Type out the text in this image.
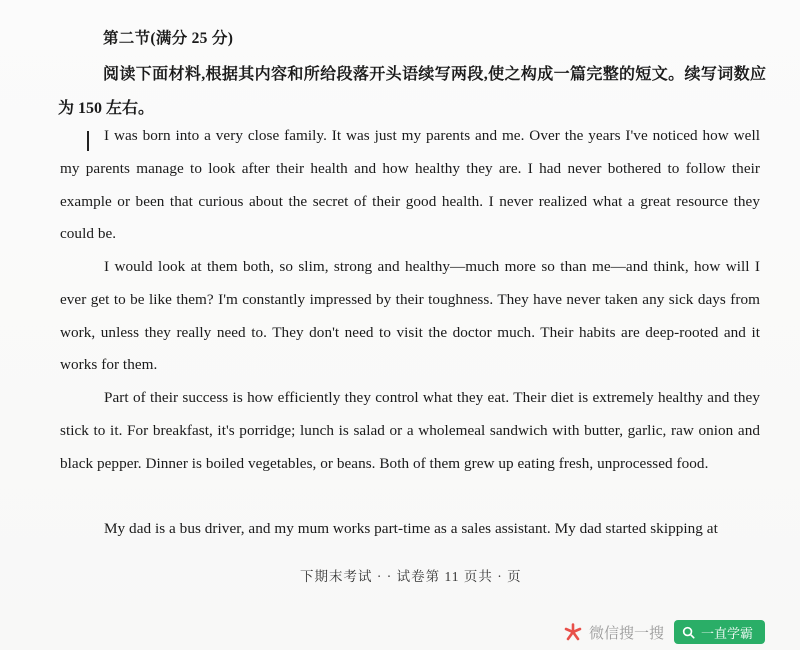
第二节(满分 25 分)
阅读下面材料,根据其内容和所给段落开头语续写两段,使之构成一篇完整的短文。续写词数应为 150 左右。
I was born into a very close family. It was just my parents and me. Over the years I've noticed how well my parents manage to look after their health and how healthy they are. I had never bothered to follow their example or been that curious about the secret of their good health. I never realized what a great resource they could be.
I would look at them both, so slim, strong and healthy—much more so than me—and think, how will I ever get to be like them? I'm constantly impressed by their toughness. They have never taken any sick days from work, unless they really need to. They don't need to visit the doctor much. Their habits are deep-rooted and it works for them.
Part of their success is how efficiently they control what they eat. Their diet is extremely healthy and they stick to it. For breakfast, it's porridge; lunch is salad or a wholemeal sandwich with butter, garlic, raw onion and black pepper. Dinner is boiled vegetables, or beans. Both of them grew up eating fresh, unprocessed food.
My dad is a bus driver, and my mum works part-time as a sales assistant. My dad started skipping at
下期末考试 · · 试卷第 11 页共 · 页
微信搜一搜	一直学霸
